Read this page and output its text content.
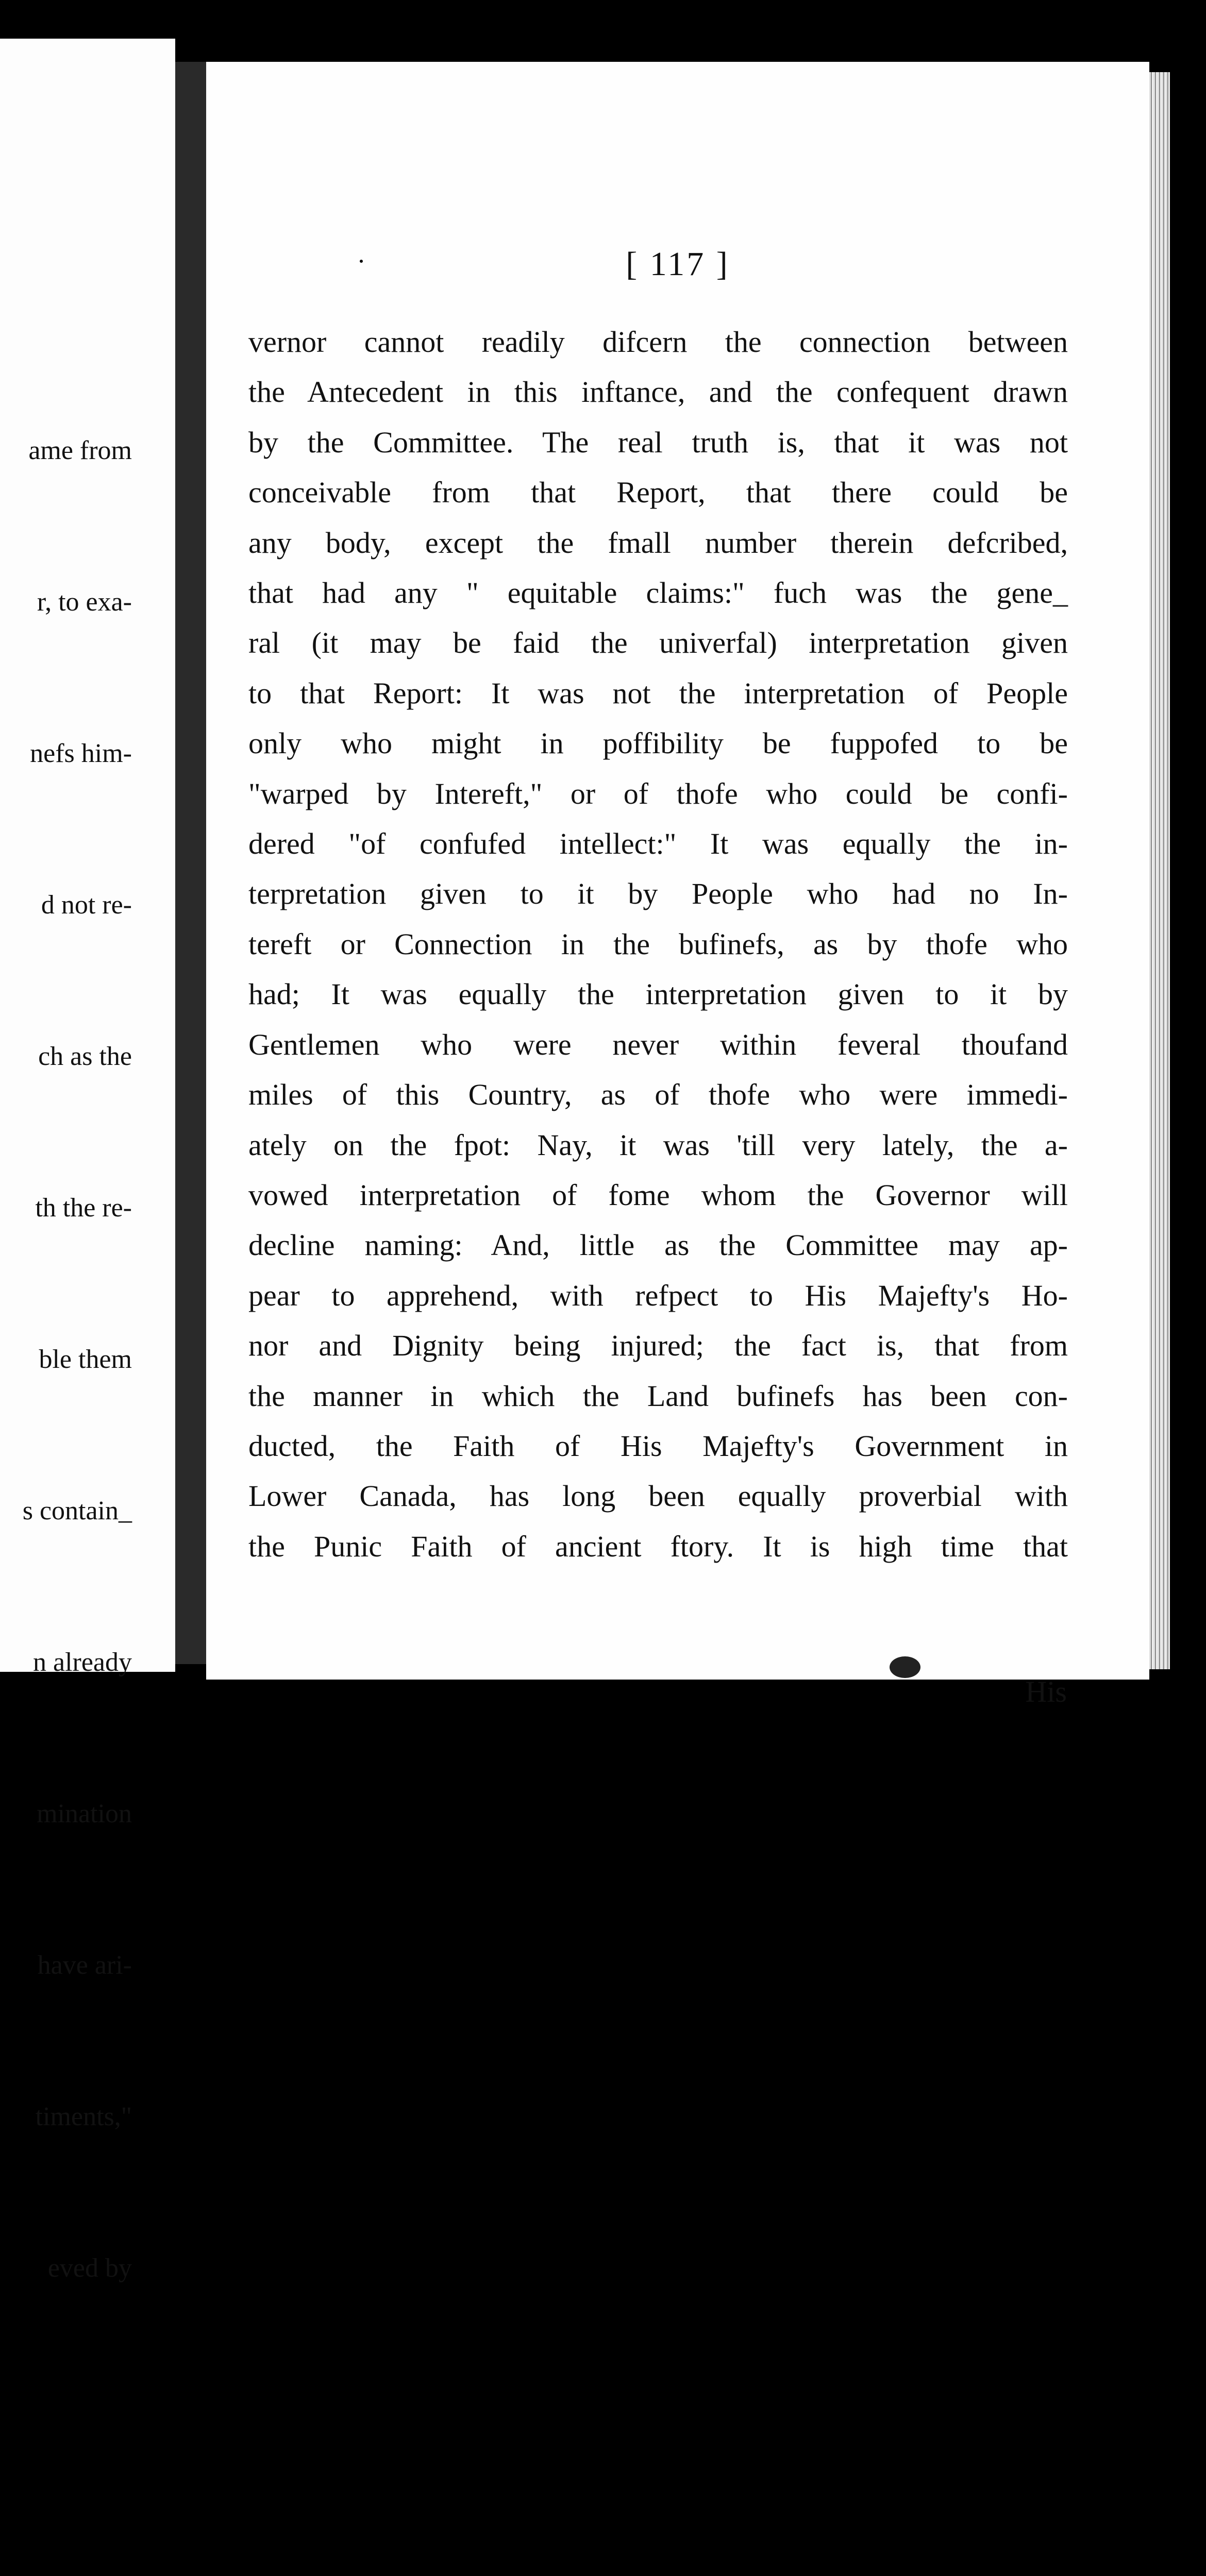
ame from

r, to exa-

nefs him-

d not re-

ch as the

th the re-

ble them

s contain_

n already

mination

have ari-

timents,"

eved by

[ 117 ]
vernor cannot readily difcern the connection between
the Antecedent in this inftance, and the confequent drawn
by the Committee. The real truth is, that it was not
conceivable from that Report, that there could be
any body, except the fmall number therein defcribed,
that had any " equitable claims:" fuch was the gene_
ral (it may be faid the univerfal) interpretation given
to that Report: It was not the interpretation of People
only who might in poffibility be fuppofed to be
"warped by Intereft," or of thofe who could be confi-
dered "of confufed intellect:" It was equally the in-
terpretation given to it by People who had no In-
tereft or Connection in the bufinefs, as by thofe who
had; It was equally the interpretation given to it by
Gentlemen who were never within feveral thoufand
miles of this Country, as of thofe who were immedi-
ately on the fpot: Nay, it was 'till very lately, the a-
vowed interpretation of fome whom the Governor will
decline naming: And, little as the Committee may ap-
pear to apprehend, with refpect to His Majefty's Ho-
nor and Dignity being injured; the fact is, that from
the manner in which the Land bufinefs has been con-
ducted, the Faith of His Majefty's Government in
Lower Canada, has long been equally proverbial with
the Punic Faith of ancient ftory. It is high time that
His
